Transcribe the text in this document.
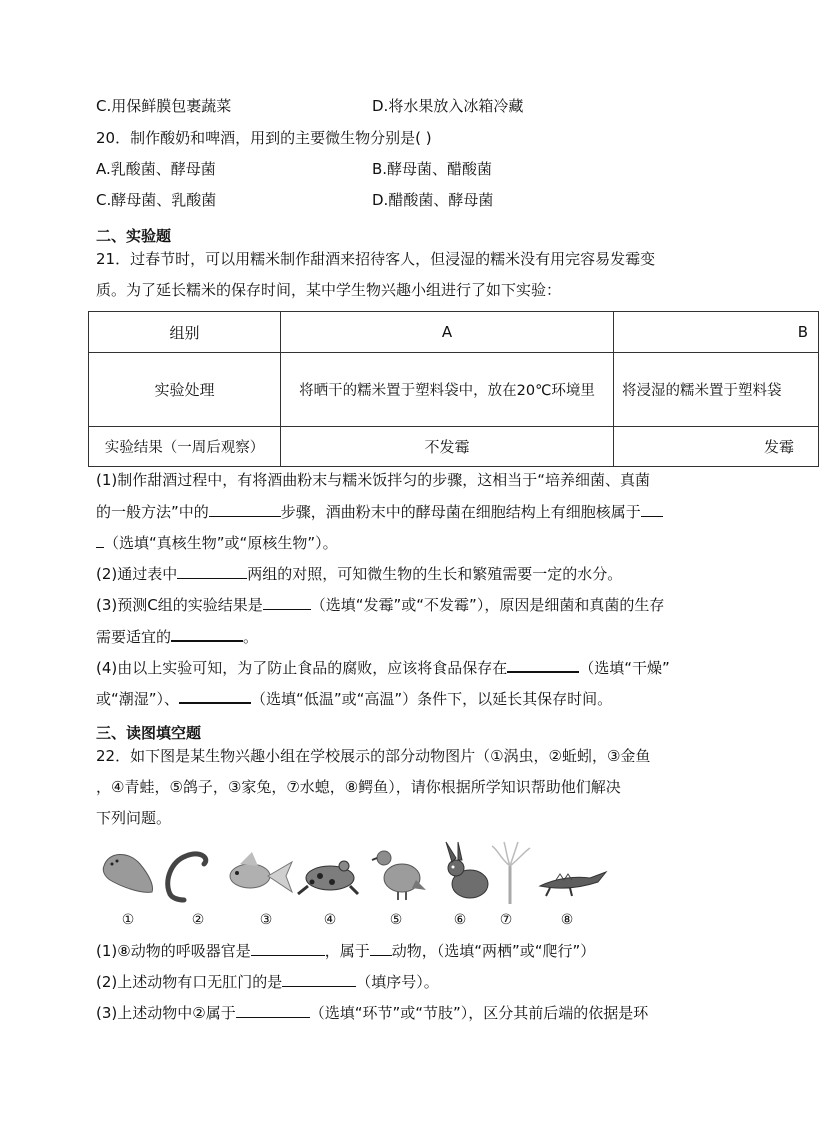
C.用保鲜膜包裹蔬菜	D.将水果放入冰箱冷藏
20．制作酸奶和啤酒，用到的主要微生物分别是( )
A.乳酸菌、酵母菌	B.酵母菌、醋酸菌
C.酵母菌、乳酸菌	D.醋酸菌、酵母菌
二、实验题
21．过春节时，可以用糯米制作甜酒来招待客人，但浸湿的糯米没有用完容易发霉变
质。为了延长糯米的保存时间，某中学生物兴趣小组进行了如下实验：
组别	A	B
实验处理	将晒干的糯米置于塑料袋中，放在20℃环境里	将浸湿的糯米置于塑料袋
实验结果（一周后观察）	不发霉	发霉
(1)制作甜酒过程中，有将酒曲粉末与糯米饭拌匀的步骤，这相当于“培养细菌、真菌
的一般方法”中的	步骤，酒曲粉末中的酵母菌在细胞结构上有细胞核属于
（选填“真核生物”或“原核生物”）。
(2)通过表中	两组的对照，可知微生物的生长和繁殖需要一定的水分。
(3)预测C组的实验结果是	（选填“发霉”或“不发霉”），原因是细菌和真菌的生存
需要适宜的	。
(4)由以上实验可知，为了防止食品的腐败，应该将食品保存在	（选填“干燥”
或“潮湿”）、	（选填“低温”或“高温”）条件下，以延长其保存时间。
三、读图填空题
22．如下图是某生物兴趣小组在学校展示的部分动物图片（①涡虫，②蚯蚓，③金鱼
，④青蛙，⑤鸽子，③家兔，⑦水螅，⑧鳄鱼），请你根据所学知识帮助他们解决
下列问题。
①	②	③	④	⑤	⑥ ⑦	⑧
(1)⑧动物的呼吸器官是	，属于 动物，（选填“两栖”或“爬行”）
(2)上述动物有口无肛门的是	（填序号）。
(3)上述动物中②属于	（选填“环节”或“节肢”），区分其前后端的依据是环
